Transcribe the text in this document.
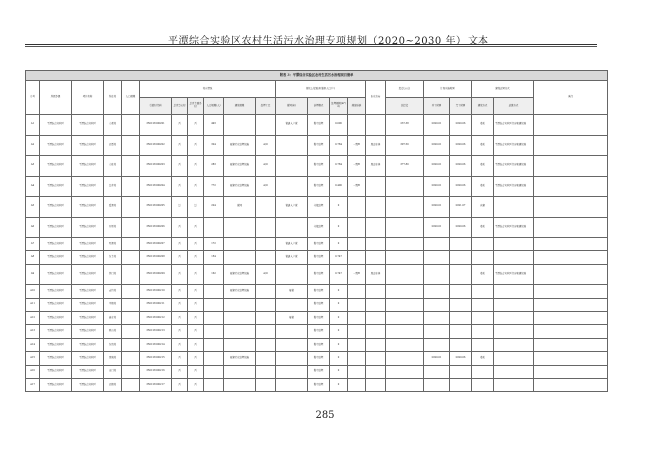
平潭综合实验区农村生活污水治理专项规划（2020~2030 年） 文本
附表 3：平潭综合实验区农村生活污水治理项目清单																					
序号	所属乡镇	项目名称	所在村	人口规模	村庄情况						现状上报需求(服务人口/户)				出水去向	投资(万元)	计划实施时间		建设运营方式		备注
					行政村代码	是否空心村	是否美丽乡村	人口规模(人)	建设规模	处理工艺	管网(米)	治理模式	处理规模(m³/d)	排放标准		总投资	开工时间	完工时间	建设方式	运维方式	
A1	平潭综合实验区	平潭综合实验区	大观村		350128100201	否	否	493			管道入户管	集中处理	0.006			237.38	2020.01	2020.06	委托	平潭综合实验区住房和建设局	
A2	平潭综合实验区	平潭综合实验区	北厝村		350128100202	否	否	324	新建污水处理设施	A/O		集中处理	0.784	一级B	周边水体	397.50	2020.01	2020.06	委托	平潭综合实验区住房和建设局	
A3	平潭综合实验区	平潭综合实验区	大练村		350128100203	否	否	283	新建污水处理设施	A/O		集中处理	0.784	一级B	周边水体	377.80	2020.01	2020.06	委托	平潭综合实验区住房和建设局	
A4	平潭综合实验区	平潭综合实验区	白青村		350128100204	否	否	772	新建污水处理设施	A/O		集中处理	0.400	一级B			2020.01	2020.06	委托	平潭综合实验区住房和建设局	
A5	平潭综合实验区	平潭综合实验区	看澳村		350128100205	是	是	224	管网		管道入户管	分散处理	0				2020.01	2021.07	自建		
A6	平潭综合实验区	平潭综合实验区	芬尾村		350128100206	否	否					分散处理	0				2020.01	2020.06	委托	平潭综合实验区住房和建设局	
A7	平潭综合实验区	平潭综合实验区	苏澳村		350128100207	否	否	172			管道入户管	集中处理	0								
A8	平潭综合实验区	平潭综合实验区	东美村		350128100208	否	否	154			管道入户管	集中处理	0.747								
A9	平潭综合实验区	平潭综合实验区	钟门村		350128100209	否	否	162	新建污水处理设施	A/O		集中处理	0.747	一级B	周边水体				委托	平潭综合实验区住房和建设局	
A10	平潭综合实验区	平潭综合实验区	吉钓村		350128100210	否	否		新建污水处理设施		接管	集中处理	0								
A11	平潭综合实验区	平潭综合实验区	中楼村		350128100211	否	否					集中处理	0								
A12	平潭综合实验区	平潭综合实验区	流水村		350128100212	否	否				接管	集中处理	0								
A13	平潭综合实验区	平潭综合实验区	君山村		350128100213	否	否					集中处理	0								
A14	平潭综合实验区	平潭综合实验区	东岚村		350128100214	否	否					集中处理	0								
A15	平潭综合实验区	平潭综合实验区	岚城村		350128100215	否	否		新建污水处理设施			集中处理	0				2020.01	2020.06	委托		
A16	平潭综合实验区	平潭综合实验区	山门村		350128100216	否	否					集中处理	0								
A17	平潭综合实验区	平潭综合实验区	北楼村		350128100217	否	否					集中处理	0								
285
